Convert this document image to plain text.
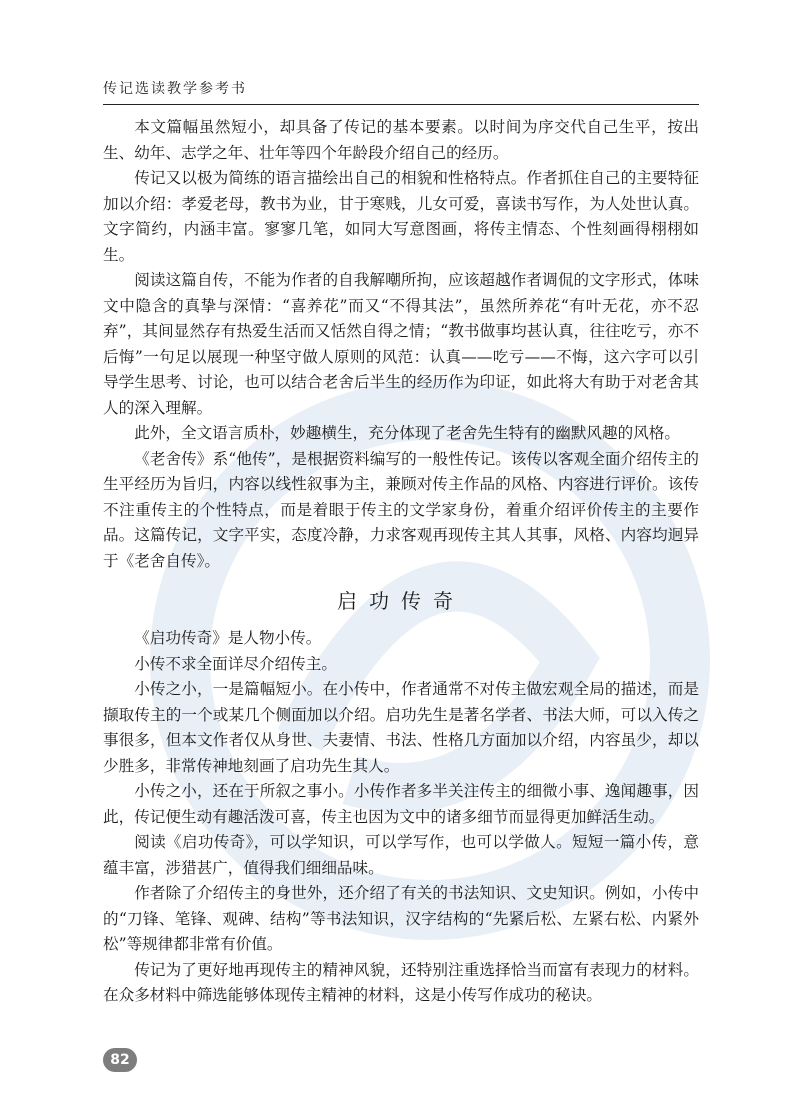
传记选读教学参考书

本文篇幅虽然短小，却具备了传记的基本要素。以时间为序交代自己生平，按出生、幼年、志学之年、壮年等四个年龄段介绍自己的经历。

传记又以极为简练的语言描绘出自己的相貌和性格特点。作者抓住自己的主要特征加以介绍：孝爱老母，教书为业，甘于寒贱，儿女可爱，喜读书写作，为人处世认真。文字简约，内涵丰富。寥寥几笔，如同大写意图画，将传主情态、个性刻画得栩栩如生。

阅读这篇自传，不能为作者的自我解嘲所拘，应该超越作者调侃的文字形式，体味文中隐含的真挚与深情：“喜养花”而又“不得其法”，虽然所养花“有叶无花，亦不忍弃”，其间显然存有热爱生活而又恬然自得之情；“教书做事均甚认真，往往吃亏，亦不后悔”一句足以展现一种坚守做人原则的风范：认真——吃亏——不悔，这六字可以引导学生思考、讨论，也可以结合老舍后半生的经历作为印证，如此将大有助于对老舍其人的深入理解。

此外，全文语言质朴，妙趣横生，充分体现了老舍先生特有的幽默风趣的风格。

《老舍传》系“他传”，是根据资料编写的一般性传记。该传以客观全面介绍传主的生平经历为旨归，内容以线性叙事为主，兼顾对传主作品的风格、内容进行评价。该传不注重传主的个性特点，而是着眼于传主的文学家身份，着重介绍评价传主的主要作品。这篇传记，文字平实，态度冷静，力求客观再现传主其人其事，风格、内容均迥异于《老舍自传》。

启功传奇

《启功传奇》是人物小传。

小传不求全面详尽介绍传主。

小传之小，一是篇幅短小。在小传中，作者通常不对传主做宏观全局的描述，而是撷取传主的一个或某几个侧面加以介绍。启功先生是著名学者、书法大师，可以入传之事很多，但本文作者仅从身世、夫妻情、书法、性格几方面加以介绍，内容虽少，却以少胜多，非常传神地刻画了启功先生其人。

小传之小，还在于所叙之事小。小传作者多半关注传主的细微小事、逸闻趣事，因此，传记便生动有趣活泼可喜，传主也因为文中的诸多细节而显得更加鲜活生动。

阅读《启功传奇》，可以学知识，可以学写作，也可以学做人。短短一篇小传，意蕴丰富，涉猎甚广，值得我们细细品味。

作者除了介绍传主的身世外，还介绍了有关的书法知识、文史知识。例如，小传中的“刀锋、笔锋、观碑、结构”等书法知识，汉字结构的“先紧后松、左紧右松、内紧外松”等规律都非常有价值。

传记为了更好地再现传主的精神风貌，还特别注重选择恰当而富有表现力的材料。在众多材料中筛选能够体现传主精神的材料，这是小传写作成功的秘诀。

82
